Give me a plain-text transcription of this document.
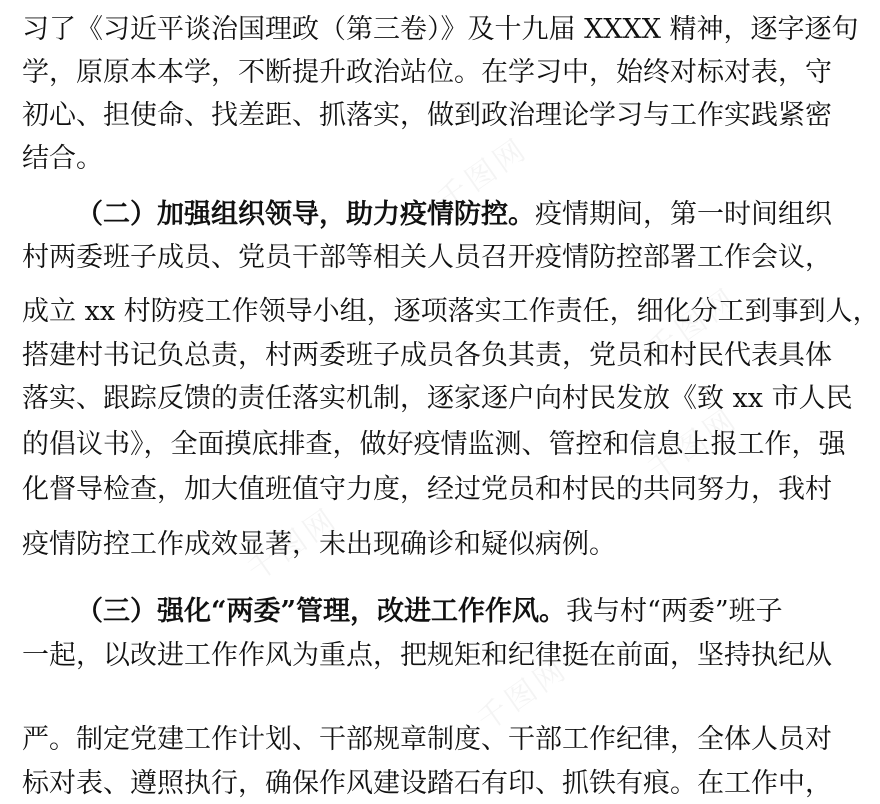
习了《习近平谈治国理政（第三卷）》及十九届 XXXX 精神，逐字逐句
学，原原本本学，不断提升政治站位。在学习中，始终对标对表，守
初心、担使命、找差距、抓落实，做到政治理论学习与工作实践紧密
结合。
（二）加强组织领导，助力疫情防控。疫情期间，第一时间组织
村两委班子成员、党员干部等相关人员召开疫情防控部署工作会议，
成立 xx 村防疫工作领导小组，逐项落实工作责任，细化分工到事到人，
搭建村书记负总责，村两委班子成员各负其责，党员和村民代表具体
落实、跟踪反馈的责任落实机制，逐家逐户向村民发放《致 xx 市人民
的倡议书》，全面摸底排查，做好疫情监测、管控和信息上报工作，强
化督导检查，加大值班值守力度，经过党员和村民的共同努力，我村
疫情防控工作成效显著，未出现确诊和疑似病例。
（三）强化“两委”管理，改进工作作风。我与村“两委”班子
一起，以改进工作作风为重点，把规矩和纪律挺在前面，坚持执纪从
严。制定党建工作计划、干部规章制度、干部工作纪律，全体人员对
标对表、遵照执行，确保作风建设踏石有印、抓铁有痕。在工作中，
